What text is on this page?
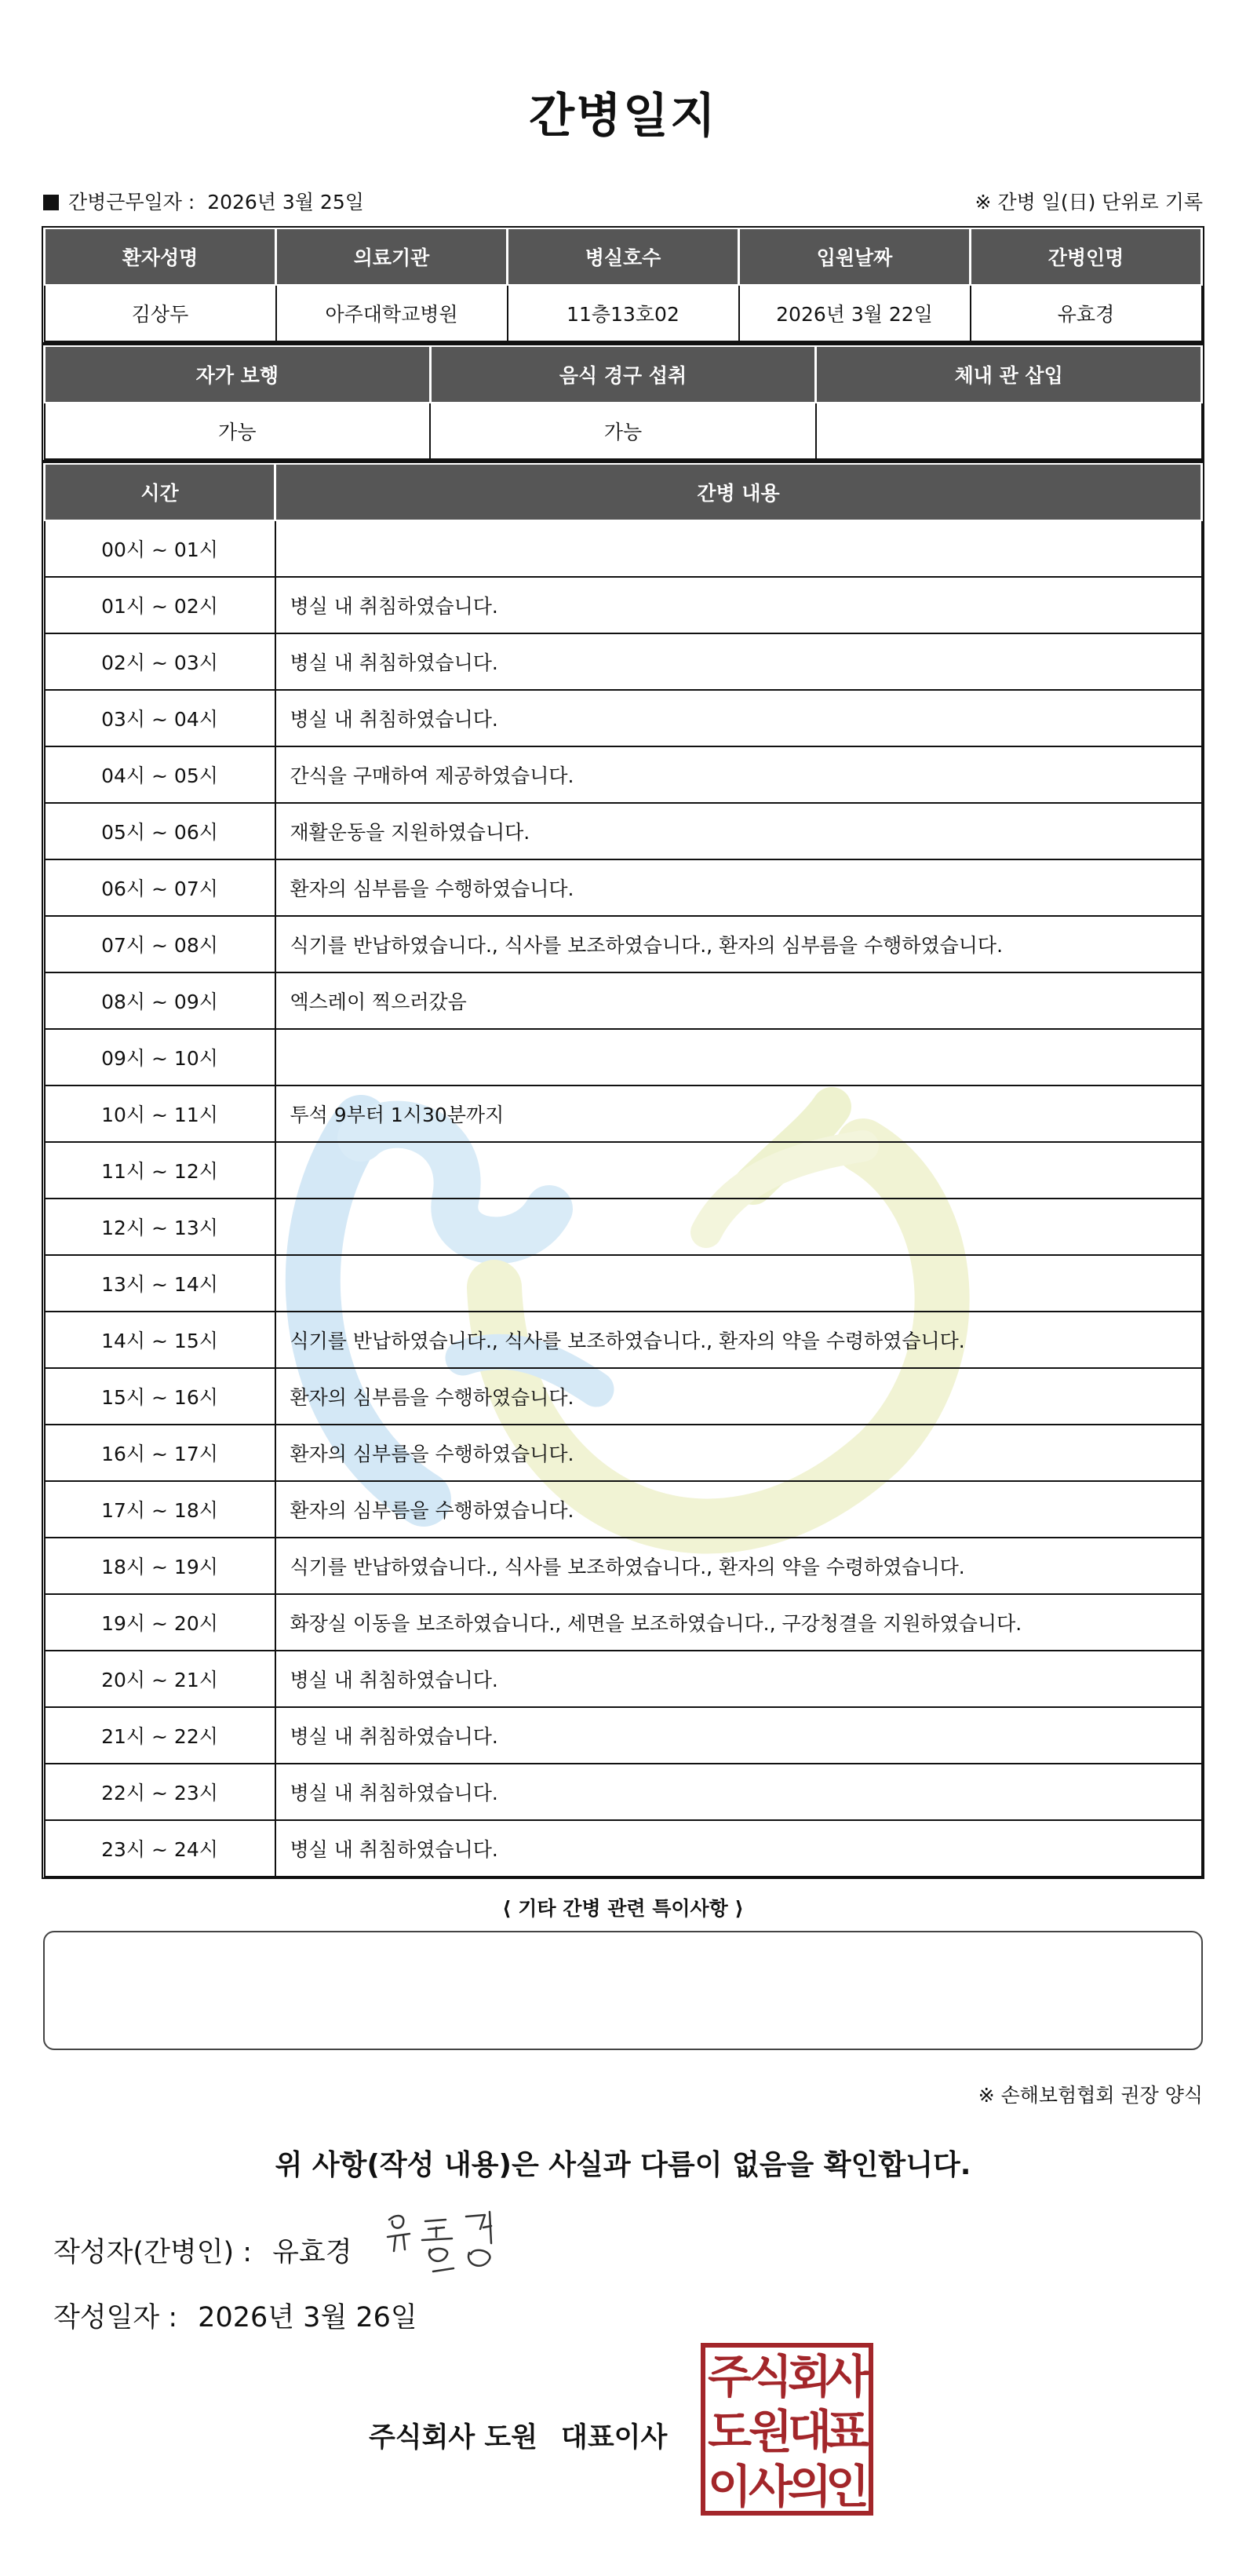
간병일지
간병근무일자 : 2026년 3월 25일	※ 간병 일(日) 단위로 기록
환자성명	의료기관	병실호수	입원날짜	간병인명
김상두	아주대학교병원	11층13호02	2026년 3월 22일	유효경
자가 보행	음식 경구 섭취	체내 관 삽입
가능	가능	
시간	간병 내용
00시 ~ 01시	
01시 ~ 02시	병실 내 취침하였습니다.
02시 ~ 03시	병실 내 취침하였습니다.
03시 ~ 04시	병실 내 취침하였습니다.
04시 ~ 05시	간식을 구매하여 제공하였습니다.
05시 ~ 06시	재활운동을 지원하였습니다.
06시 ~ 07시	환자의 심부름을 수행하였습니다.
07시 ~ 08시	식기를 반납하였습니다., 식사를 보조하였습니다., 환자의 심부름을 수행하였습니다.
08시 ~ 09시	엑스레이 찍으러갔음
09시 ~ 10시	
10시 ~ 11시	투석 9부터 1시30분까지
11시 ~ 12시	
12시 ~ 13시	
13시 ~ 14시	
14시 ~ 15시	식기를 반납하였습니다., 식사를 보조하였습니다., 환자의 약을 수령하였습니다.
15시 ~ 16시	환자의 심부름을 수행하였습니다.
16시 ~ 17시	환자의 심부름을 수행하였습니다.
17시 ~ 18시	환자의 심부름을 수행하였습니다.
18시 ~ 19시	식기를 반납하였습니다., 식사를 보조하였습니다., 환자의 약을 수령하였습니다.
19시 ~ 20시	화장실 이동을 보조하였습니다., 세면을 보조하였습니다., 구강청결을 지원하였습니다.
20시 ~ 21시	병실 내 취침하였습니다.
21시 ~ 22시	병실 내 취침하였습니다.
22시 ~ 23시	병실 내 취침하였습니다.
23시 ~ 24시	병실 내 취침하였습니다.
⟨ 기타 간병 관련 특이사항 ⟩
※ 손해보험협회 권장 양식
위 사항(작성 내용)은 사실과 다름이 없음을 확인합니다.
작성자(간병인) : 유효경
작성일자 : 2026년 3월 26일
주식회사 도원 대표이사
주
식
회
사
도
원
대
표
이
사
의
인
